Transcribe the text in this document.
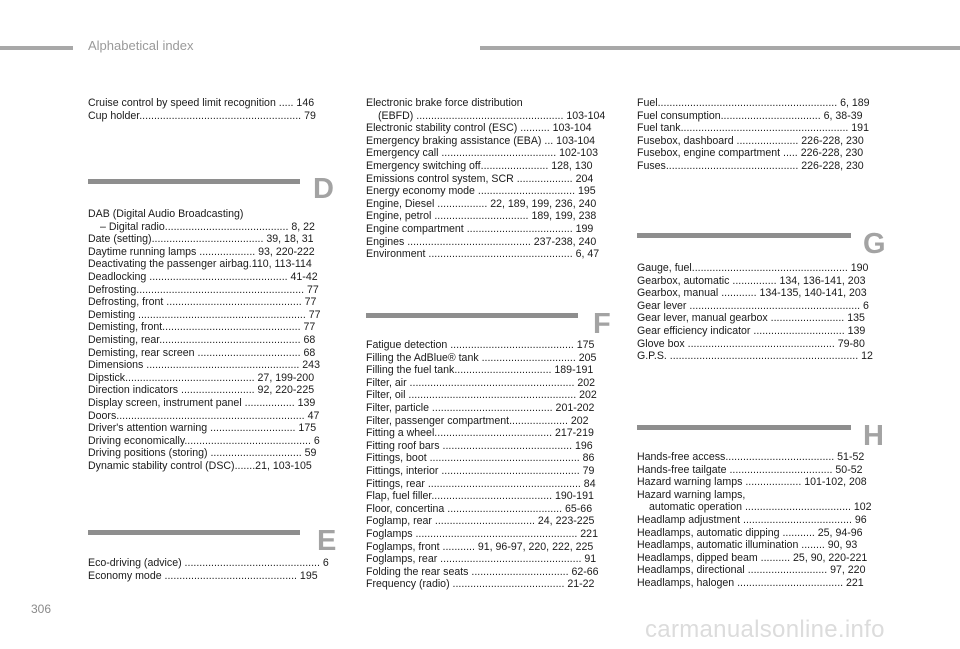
Alphabetical index
Cruise control by speed limit recognition ..... 146
Cup holder....................................................... 79
D
DAB (Digital Audio Broadcasting)
– Digital radio.......................................... 8, 22
Date (setting)...................................... 39, 18, 31
Daytime running lamps ................... 93, 220-222
Deactivating the passenger airbag.110, 113-114
Deadlocking ............................................... 41-42
Defrosting......................................................... 77
Defrosting, front .............................................. 77
Demisting ......................................................... 77
Demisting, front............................................... 77
Demisting, rear................................................ 68
Demisting, rear screen ................................... 68
Dimensions .................................................... 243
Dipstick............................................ 27, 199-200
Direction indicators ......................... 92, 220-225
Display screen, instrument panel ................. 139
Doors................................................................ 47
Driver's attention warning ............................. 175
Driving economically........................................... 6
Driving positions (storing) ............................... 59
Dynamic stability control (DSC).......21, 103-105
E
Eco-driving (advice) .............................................. 6
Economy mode ............................................. 195
Electronic brake force distribution
(EBFD) .................................................. 103-104
Electronic stability control (ESC) .......... 103-104
Emergency braking assistance (EBA) ... 103-104
Emergency call ....................................... 102-103
Emergency switching off....................... 128, 130
Emissions control system, SCR ................... 204
Energy economy mode ................................. 195
Engine, Diesel ................. 22, 189, 199, 236, 240
Engine, petrol ................................ 189, 199, 238
Engine compartment .................................... 199
Engines .......................................... 237-238, 240
Environment ................................................. 6, 47
F
Fatigue detection .......................................... 175
Filling the AdBlue® tank ................................ 205
Filling the fuel tank................................. 189-191
Filter, air ........................................................ 202
Filter, oil ......................................................... 202
Filter, particle ......................................... 201-202
Filter, passenger compartment.................... 202
Fitting a wheel........................................ 217-219
Fitting roof bars ............................................ 196
Fittings, boot ................................................... 86
Fittings, interior ............................................... 79
Fittings, rear .................................................... 84
Flap, fuel filler......................................... 190-191
Floor, concertina ....................................... 65-66
Foglamp, rear .................................. 24, 223-225
Foglamps ....................................................... 221
Foglamps, front ........... 91, 96-97, 220, 222, 225
Foglamps, rear ................................................ 91
Folding the rear seats ................................. 62-66
Frequency (radio) ...................................... 21-22
Fuel............................................................. 6, 189
Fuel consumption.................................. 6, 38-39
Fuel tank......................................................... 191
Fusebox, dashboard ..................... 226-228, 230
Fusebox, engine compartment ..... 226-228, 230
Fuses............................................. 226-228, 230
G
Gauge, fuel..................................................... 190
Gearbox, automatic ............... 134, 136-141, 203
Gearbox, manual ............ 134-135, 140-141, 203
Gear lever .......................................................... 6
Gear lever, manual gearbox ......................... 135
Gear efficiency indicator ............................... 139
Glove box .................................................. 79-80
G.P.S. ................................................................ 12
H
Hands-free access..................................... 51-52
Hands-free tailgate ................................... 50-52
Hazard warning lamps ................... 101-102, 208
Hazard warning lamps,
automatic operation .................................... 102
Headlamp adjustment ..................................... 96
Headlamps, automatic dipping ........... 25, 94-96
Headlamps, automatic illumination ........ 90, 93
Headlamps, dipped beam .......... 25, 90, 220-221
Headlamps, directional ........................... 97, 220
Headlamps, halogen .................................... 221
306
carmanualsonline.info
